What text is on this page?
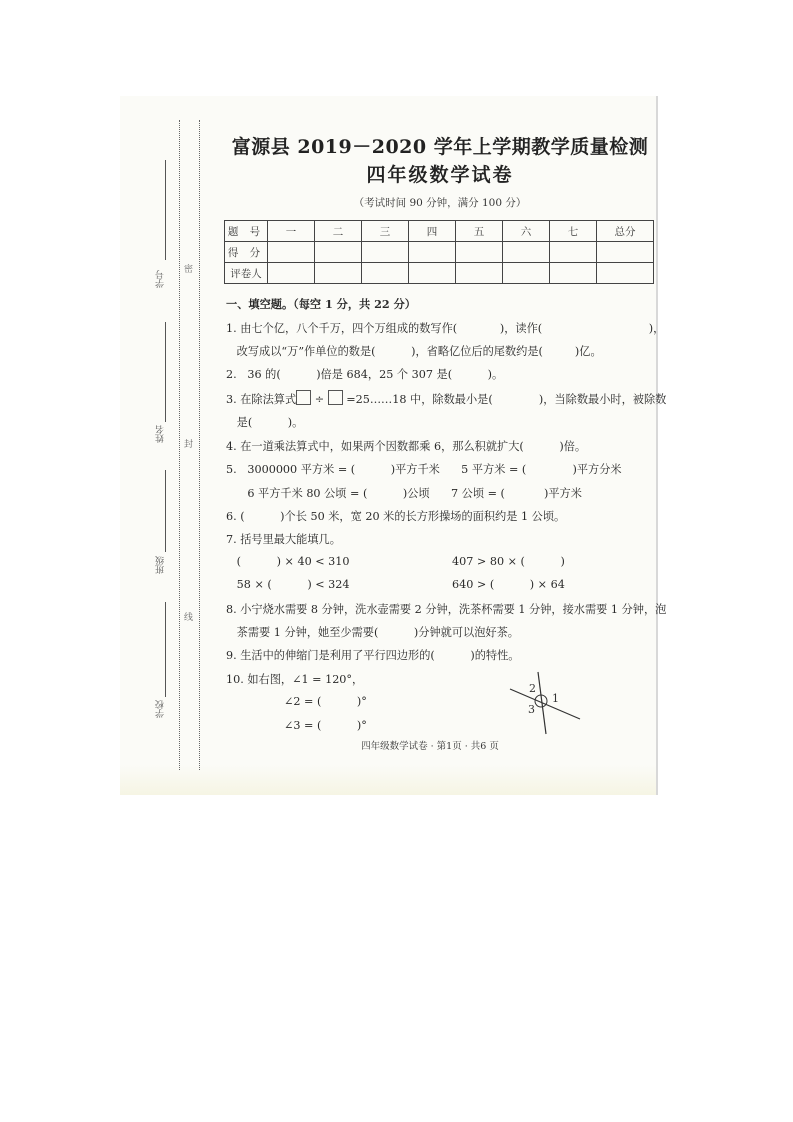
学号
姓名
班级
学校
密
封
线
富源县 2019－2020 学年上学期教学质量检测
四年级数学试卷
（考试时间 90 分钟，满分 100 分）
题 号	一	二	三	四	五	六	七	总分
得 分								
评卷人								
一、填空题。（每空 1 分，共 22 分）
1. 由七个亿，八个千万，四个万组成的数写作(            )，读作(                              )，
改写成以“万”作单位的数是(          )，省略亿位后的尾数约是(         )亿。
2.   36 的(          )倍是 684，25 个 307 是(          )。
3. 在除法算式 ÷ =25……18 中，除数最小是(             )，当除数最小时，被除数
是(          )。
4. 在一道乘法算式中，如果两个因数都乘 6，那么积就扩大(          )倍。
5.   3000000 平方米 = (          )平方千米      5 平方米 = (             )平方分米
6 平方千米 80 公顷 = (          )公顷      7 公顷 = (           )平方米
6. (          )个长 50 米，宽 20 米的长方形操场的面积约是 1 公顷。
7. 括号里最大能填几。
(          ) × 40 < 310	407 > 80 × (          )
58 × (          ) < 324	640 > (          ) × 64
8. 小宁烧水需要 8 分钟，洗水壶需要 2 分钟，洗茶杯需要 1 分钟，接水需要 1 分钟，泡
茶需要 1 分钟，她至少需要(          )分钟就可以泡好茶。
9. 生活中的伸缩门是利用了平行四边形的(          )的特性。
10. 如右图，∠1 = 120°，
∠2 = (          )°
∠3 = (          )°
1
2
3
四年级数学试卷 · 第1页 · 共6 页
